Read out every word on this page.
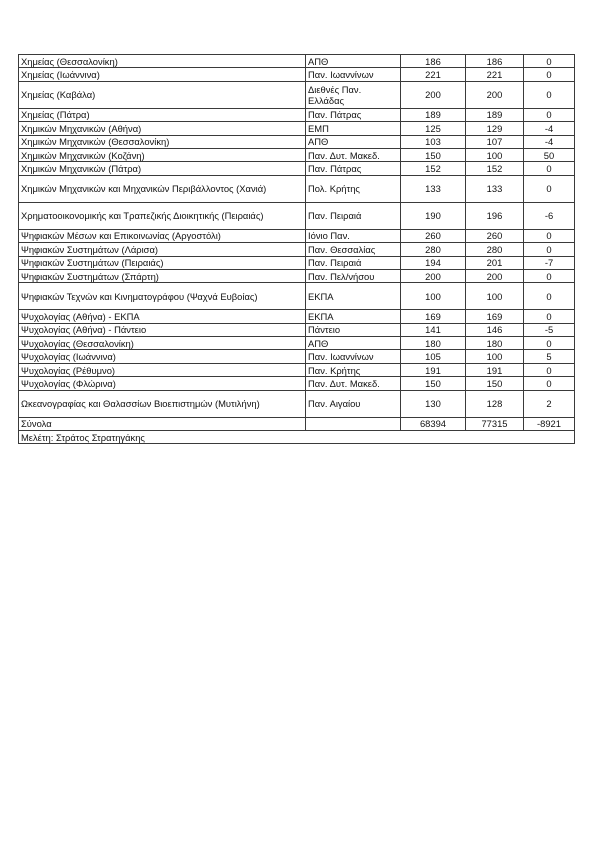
Χημείας (Θεσσαλονίκη)	ΑΠΘ	186	186	0
Χημείας (Ιωάννινα)	Παν. Ιωαννίνων	221	221	0
Χημείας (Καβάλα)	Διεθνές Παν. Ελλάδας	200	200	0
Χημείας (Πάτρα)	Παν. Πάτρας	189	189	0
Χημικών Μηχανικών (Αθήνα)	ΕΜΠ	125	129	-4
Χημικών Μηχανικών (Θεσσαλονίκη)	ΑΠΘ	103	107	-4
Χημικών Μηχανικών (Κοζάνη)	Παν. Δυτ. Μακεδ.	150	100	50
Χημικών Μηχανικών (Πάτρα)	Παν. Πάτρας	152	152	0
Χημικών Μηχανικών και Μηχανικών Περιβάλλοντος (Χανιά)	Πολ. Κρήτης	133	133	0
Χρηματοοικονομικής και Τραπεζικής Διοικητικής (Πειραιάς)	Παν. Πειραιά	190	196	-6
Ψηφιακών Μέσων και Επικοινωνίας (Αργοστόλι)	Ιόνιο Παν.	260	260	0
Ψηφιακών Συστημάτων (Λάρισα)	Παν. Θεσσαλίας	280	280	0
Ψηφιακών Συστημάτων (Πειραιάς)	Παν. Πειραιά	194	201	-7
Ψηφιακών Συστημάτων (Σπάρτη)	Παν. Πελ/νήσου	200	200	0
Ψηφιακών Τεχνών και Κινηματογράφου (Ψαχνά Ευβοίας)	ΕΚΠΑ	100	100	0
Ψυχολογίας (Αθήνα) - ΕΚΠΑ	ΕΚΠΑ	169	169	0
Ψυχολογίας (Αθήνα) - Πάντειο	Πάντειο	141	146	-5
Ψυχολογίας (Θεσσαλονίκη)	ΑΠΘ	180	180	0
Ψυχολογίας (Ιωάννινα)	Παν. Ιωαννίνων	105	100	5
Ψυχολογίας (Ρέθυμνο)	Παν. Κρήτης	191	191	0
Ψυχολογίας (Φλώρινα)	Παν. Δυτ. Μακεδ.	150	150	0
Ωκεανογραφίας και Θαλασσίων Βιοεπιστημών (Μυτιλήνη)	Παν. Αιγαίου	130	128	2
Σύνολα		68394	77315	-8921
Μελέτη: Στράτος Στρατηγάκης				
